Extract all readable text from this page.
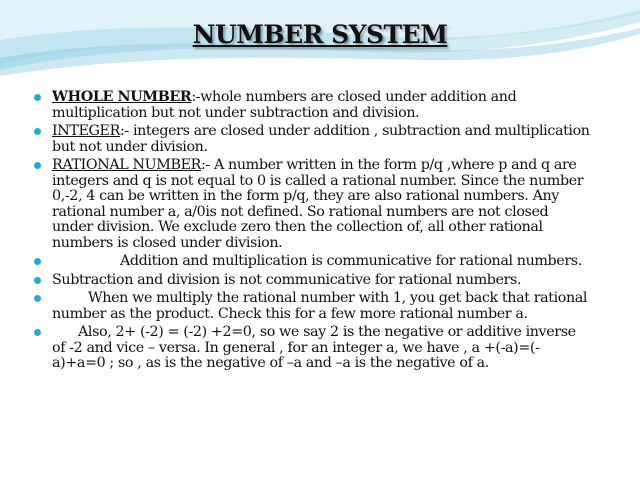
NUMBER SYSTEM
WHOLE NUMBER:-whole numbers are closed under addition and multiplication but not under subtraction and division.
INTEGER:- integers are closed under addition , subtraction and multiplication but not under division.
RATIONAL NUMBER:- A number written in the form p/q ,where p and q are integers and q is not equal to 0 is called a rational number. Since the number 0,-2, 4 can be written in the form p/q, they are also rational numbers. Any rational number a, a/0is not defined. So rational numbers are not closed under division. We exclude zero then the collection of, all other rational numbers is closed under division.
Addition and multiplication is communicative for rational numbers.
Subtraction and division is not communicative for rational numbers.
When we multiply the rational number with 1, you get back that rational number as the product. Check this for a few more rational number a.
Also, 2+ (-2) = (-2) +2=0, so we say 2 is the negative or additive inverse of -2 and vice – versa. In general , for an integer a, we have , a +(-a)=(-a)+a=0 ; so , as is the negative of –a and –a is the negative of a.
